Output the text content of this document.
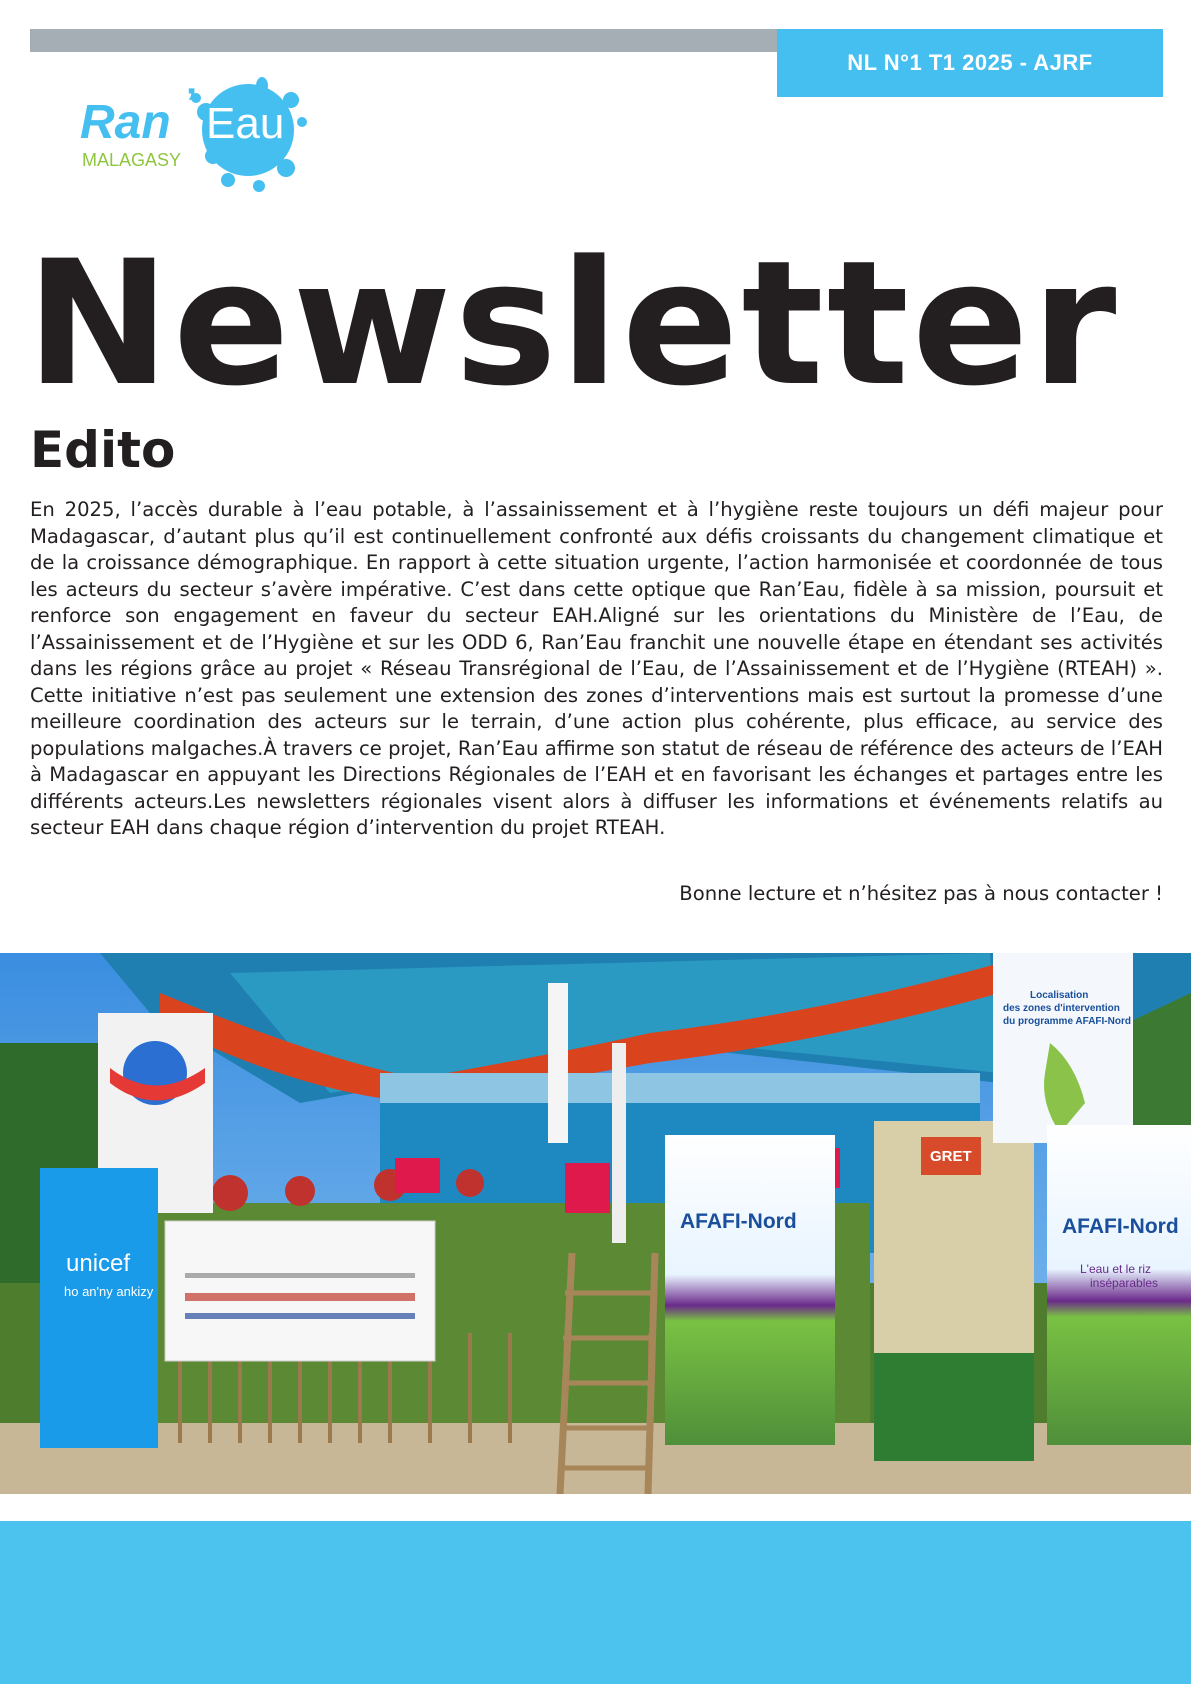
NL N°1 T1 2025 - AJRF
Ran ’ Eau
MALAGASY
Newsletter
Edito

En 2025, l’accès durable à l’eau potable, à l’assainissement et à l’hygiène reste toujours un défi majeur pour Madagascar, d’autant plus qu’il est continuellement confronté aux défis croissants du changement climatique et de la croissance démographique. En rapport à cette situation urgente, l’action harmonisée et coordonnée de tous les acteurs du secteur s’avère impérative. C’est dans cette optique que Ran’Eau, fidèle à sa mission, poursuit et renforce son engagement en faveur du secteur EAH.Aligné sur les orientations du Ministère de l’Eau, de l’Assainissement et de l’Hygiène et sur les ODD 6, Ran’Eau franchit une nouvelle étape en étendant ses activités dans les régions grâce au projet « Réseau Transrégional de l’Eau, de l’Assainissement et de l’Hygiène (RTEAH) ». Cette initiative n’est pas seulement une extension des zones d’interventions mais est surtout la promesse d’une meilleure coordination des acteurs sur le terrain, d’une action plus cohérente, plus efficace, au service des populations malgaches.À travers ce projet, Ran’Eau affirme son statut de réseau de référence des acteurs de l’EAH à Madagascar en appuyant les Directions Régionales de l’EAH et en favorisant les échanges et partages entre les différents acteurs.Les newsletters régionales visent alors à diffuser les informations et événements relatifs au secteur EAH dans chaque région d’intervention du projet RTEAH.

Bonne lecture et n’hésitez pas à nous contacter !

unicef
ho an'ny ankizy
AFAFI-Nord
GRET
Localisation
des zones d'intervention
du programme AFAFI-Nord
AFAFI-Nord
L'eau et le riz
inséparables
